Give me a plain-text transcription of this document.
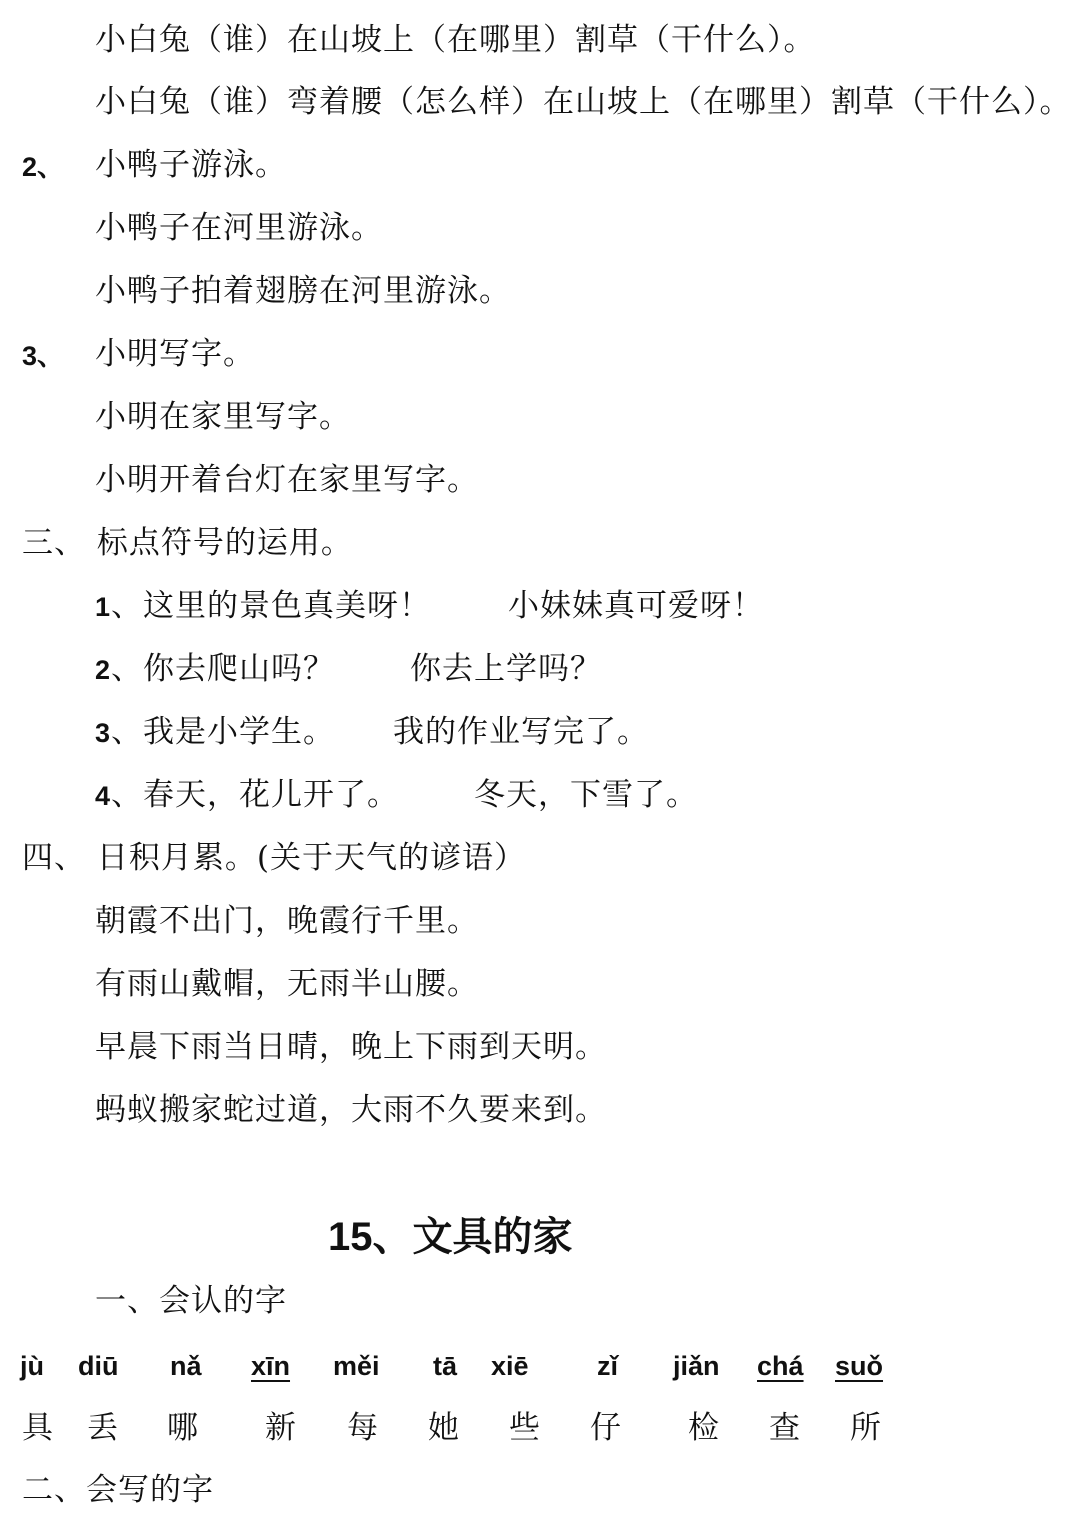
小白兔（谁）在山坡上（在哪里）割草（干什么）。
小白兔（谁）弯着腰（怎么样）在山坡上（在哪里）割草（干什么）。
2、 小鸭子游泳。
小鸭子在河里游泳。
小鸭子拍着翅膀在河里游泳。
3、 小明写字。
小明在家里写字。
小明开着台灯在家里写字。
三、 标点符号的运用。
1、这里的景色真美呀！ 小妹妹真可爱呀！
2、你去爬山吗？ 你去上学吗？
3、我是小学生。 我的作业写完了。
4、春天，花儿开了。 冬天，下雪了。
四、 日积月累。(关于天气的谚语）
朝霞不出门，晚霞行千里。
有雨山戴帽，无雨半山腰。
早晨下雨当日晴，晚上下雨到天明。
蚂蚁搬家蛇过道，大雨不久要来到。
15、文具的家
一、会认的字
jù diū nǎ xīn	měi tā xiē	zǐ jiǎn chá suǒ
具 丢 哪 新 每 她 些 仔 检 查 所
二、会写的字
